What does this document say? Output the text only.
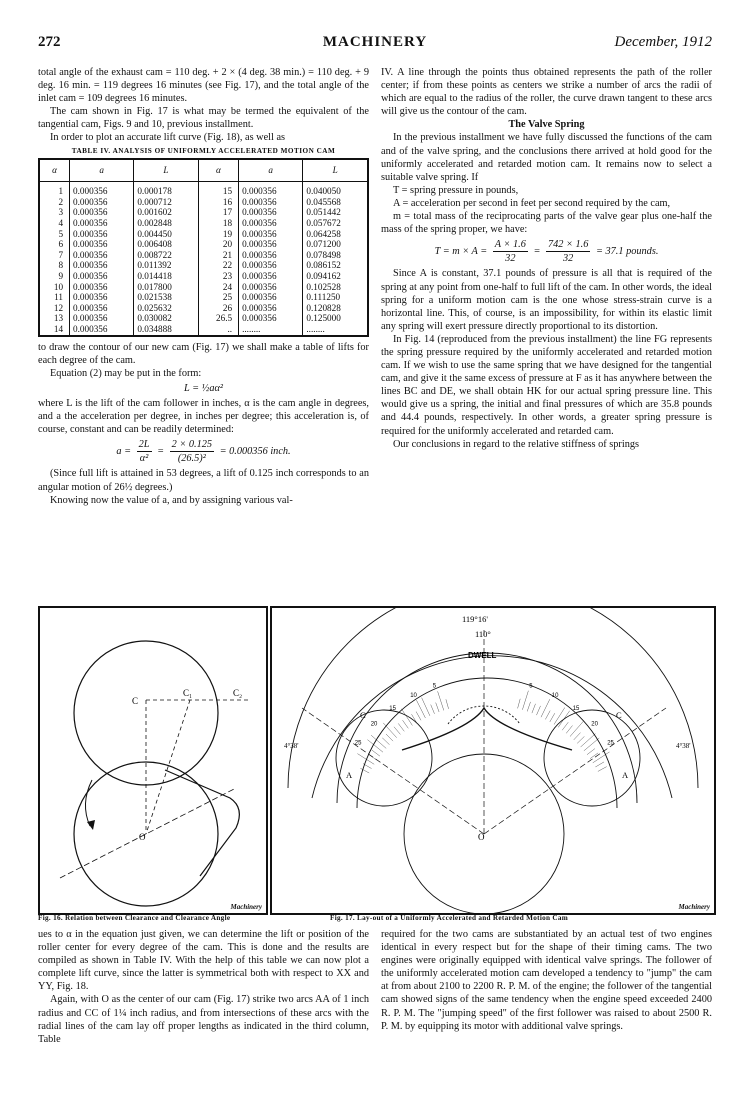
272	MACHINERY	December, 1912

total angle of the exhaust cam = 110 deg. + 2 × (4 deg. 38 min.) = 110 deg. + 9 deg. 16 min. = 119 degrees 16 minutes (see Fig. 17), and the total angle of the inlet cam = 109 degrees 16 minutes.

The cam shown in Fig. 17 is what may be termed the equivalent of the tangential cam, Figs. 9 and 10, previous installment.

In order to plot an accurate lift curve (Fig. 18), as well as

TABLE IV. ANALYSIS OF UNIFORMLY ACCELERATED MOTION CAM

α	a	L	α	a	L

1	0.000356	0.000178	15	0.000356	0.040050
2	0.000356	0.000712	16	0.000356	0.045568
3	0.000356	0.001602	17	0.000356	0.051442
4	0.000356	0.002848	18	0.000356	0.057672
5	0.000356	0.004450	19	0.000356	0.064258
6	0.000356	0.006408	20	0.000356	0.071200
7	0.000356	0.008722	21	0.000356	0.078498
8	0.000356	0.011392	22	0.000356	0.086152
9	0.000356	0.014418	23	0.000356	0.094162
10	0.000356	0.017800	24	0.000356	0.102528
11	0.000356	0.021538	25	0.000356	0.111250
12	0.000356	0.025632	26	0.000356	0.120828
13	0.000356	0.030082	26.5	0.000356	0.125000
14	0.000356	0.034888	..	........	........

to draw the contour of our new cam (Fig. 17) we shall make a table of lifts for each degree of the cam.

Equation (2) may be put in the form:

L = ½aα²

where L is the lift of the cam follower in inches, α is the cam angle in degrees, and a the acceleration per degree, in inches per degree; this acceleration is, of course, constant and can be readily determined:

$a = \frac{2L}{\text{α²}} = \frac{2 \times 0.125}{\text{(26.5)²}} = 0.000356$ inch.

(Since full lift is attained in 53 degrees, a lift of 0.125 inch corresponds to an angular motion of 26½ degrees.)

Knowing now the value of a, and by assigning various val-

IV. A line through the points thus obtained represents the path of the roller center; if from these points as centers we strike a number of arcs the radii of which are equal to the radius of the roller, the curve drawn tangent to these arcs will give us the contour of the cam.

The Valve Spring

In the previous installment we have fully discussed the functions of the cam and of the valve spring, and the conclusions there arrived at hold good for the uniformly accelerated and retarded motion cam. It remains now to select a suitable valve spring. If

T = spring pressure in pounds,

A = acceleration per second in feet per second required by the cam,

m = total mass of the reciprocating parts of the valve gear plus one-half the mass of the spring proper, we have:

$T = m \times A = \frac{A \times 1.6}{32} = \frac{742 \times 1.6}{32} = 37.1$ pounds.

Since A is constant, 37.1 pounds of pressure is all that is required of the spring at any point from one-half to full lift of the cam. In other words, the ideal spring for a uniform motion cam is the one whose stress-strain curve is a horizontal line. This, of course, is an impossibility, for within its elastic limit any spring will exert pressure directly proportional to its distortion.

In Fig. 14 (reproduced from the previous installment) the line FG represents the spring pressure required by the uniformly accelerated and retarded motion cam. If we wish to use the same spring that we have designed for the tangential cam, and give it the same excess of pressure at F as it has anywhere between the lines BC and DE, we shall obtain HK for our actual spring pressure line. This would give us a spring, the initial and final pressures of which are 35.8 pounds and 44.4 pounds, respectively. In other words, a greater spring pressure is required for the uniformly accelerated and retarded cam.

Our conclusions in regard to the relative stiffness of springs

C
C₁	C₂
O
Machinery
119°16'
110°
DWELL
O
A	A
C	C
4°38'	4°38'
5	5
10	10
15	15
20	20
25	25
Machinery
Fig. 16. Relation between Clearance and Clearance Angle	Fig. 17. Lay-out of a Uniformly Accelerated and Retarded Motion Cam

ues to α in the equation just given, we can determine the lift or position of the roller center for every degree of the cam. This is done and the results are compiled as shown in Table IV. With the help of this table we can now plot a complete lift curve, since the latter is symmetrical both with respect to XX and YY, Fig. 18.

Again, with O as the center of our cam (Fig. 17) strike two arcs AA of 1 inch radius and CC of 1¼ inch radius, and from intersections of these arcs with the radial lines of the cam lay off proper lengths as indicated in the third column, Table

required for the two cams are substantiated by an actual test of two engines identical in every respect but for the shape of their timing cams. The two engines were originally equipped with identical valve springs. The follower of the uniformly accelerated motion cam developed a tendency to "jump" the cam at from about 2100 to 2200 R. P. M. of the engine; the follower of the tangential cam showed signs of the same tendency when the engine speed exceeded 2400 R. P. M. The "jumping speed" of the first follower was raised to about 2500 R. P. M. by equipping its motor with additional valve springs.
